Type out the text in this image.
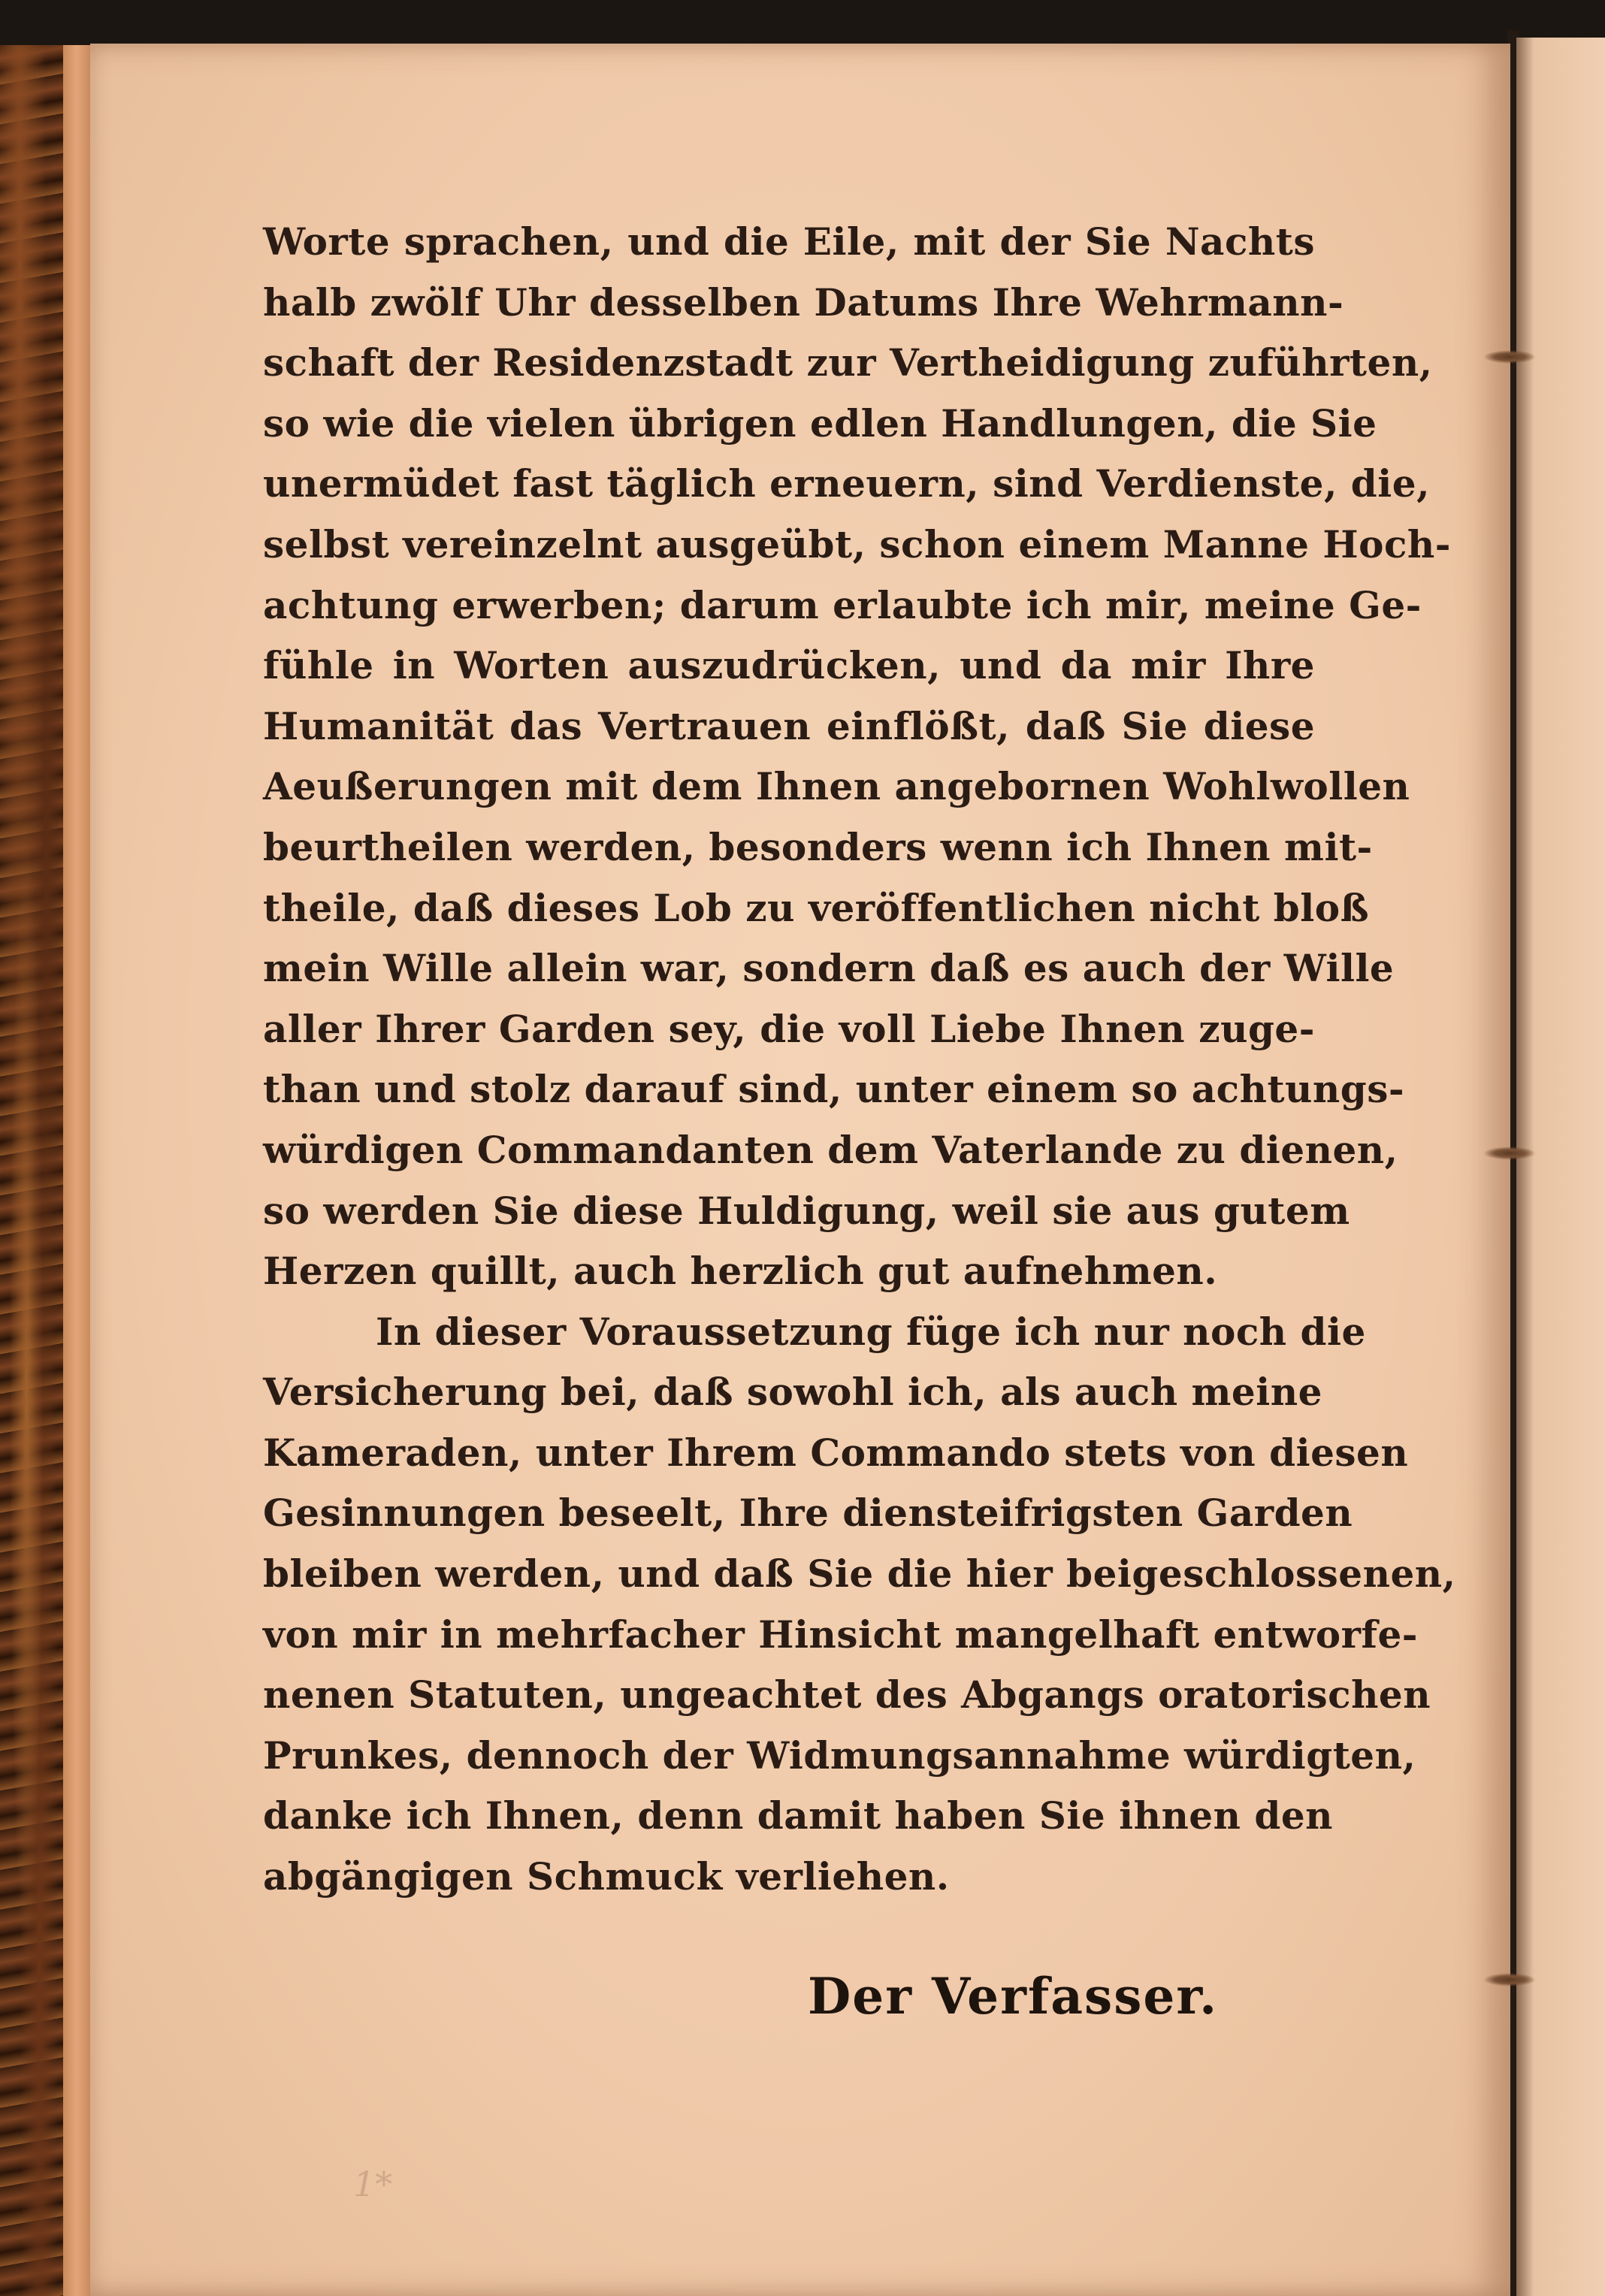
1*
Worte sprachen, und die Eile, mit der Sie Nachts
halb zwölf Uhr desselben Datums Ihre Wehrmann-
schaft der Residenzstadt zur Vertheidigung zuführten,
so wie die vielen übrigen edlen Handlungen, die Sie
unermüdet fast täglich erneuern, sind Verdienste, die,
selbst vereinzelnt ausgeübt, schon einem Manne Hoch-
achtung erwerben; darum erlaubte ich mir, meine Ge-
fühle in Worten auszudrücken, und da mir Ihre
Humanität das Vertrauen einflößt, daß Sie diese
Aeußerungen mit dem Ihnen angebornen Wohlwollen
beurtheilen werden, besonders wenn ich Ihnen mit-
theile, daß dieses Lob zu veröffentlichen nicht bloß
mein Wille allein war, sondern daß es auch der Wille
aller Ihrer Garden sey, die voll Liebe Ihnen zuge-
than und stolz darauf sind, unter einem so achtungs-
würdigen Commandanten dem Vaterlande zu dienen,
so werden Sie diese Huldigung, weil sie aus gutem
Herzen quillt, auch herzlich gut aufnehmen.
In dieser Voraussetzung füge ich nur noch die
Versicherung bei, daß sowohl ich, als auch meine
Kameraden, unter Ihrem Commando stets von diesen
Gesinnungen beseelt, Ihre diensteifrigsten Garden
bleiben werden, und daß Sie die hier beigeschlossenen,
von mir in mehrfacher Hinsicht mangelhaft entworfe-
nenen Statuten, ungeachtet des Abgangs oratorischen
Prunkes, dennoch der Widmungsannahme würdigten,
danke ich Ihnen, denn damit haben Sie ihnen den
abgängigen Schmuck verliehen.
Der Verfasser.
